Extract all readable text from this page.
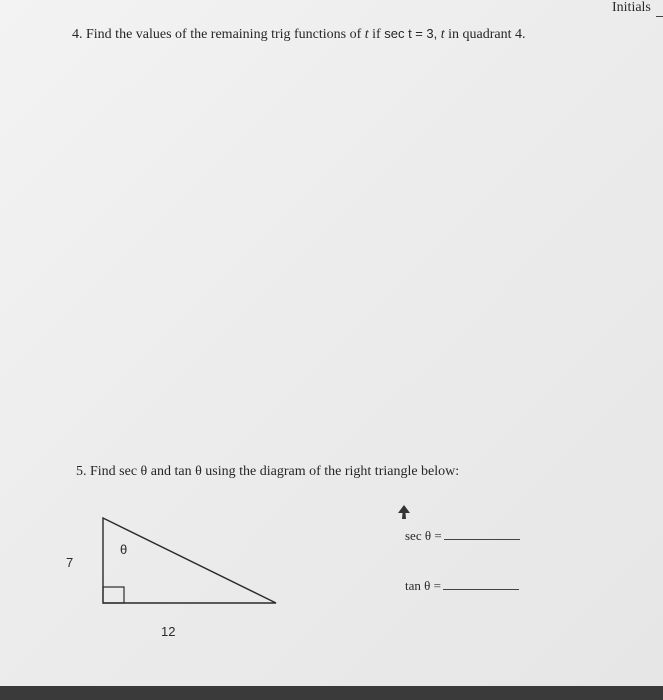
Initials
4. Find the values of the remaining trig functions of t if sec t = 3, t in quadrant 4.
5. Find sec θ and tan θ using the diagram of the right triangle below:
θ
7
12
sec θ =
tan θ =
